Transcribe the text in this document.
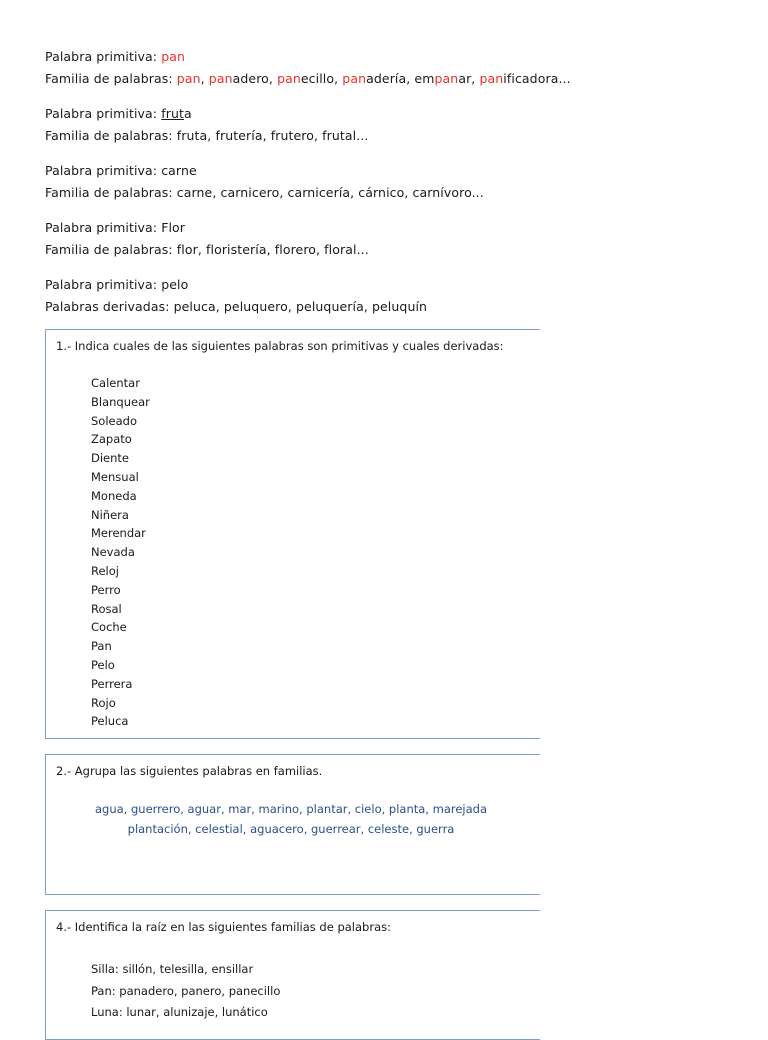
Palabra primitiva: pan
Familia de palabras: pan, panadero, panecillo, panadería, empanar, panificadora...
Palabra primitiva: fruta
Familia de palabras: fruta, frutería, frutero, frutal...
Palabra primitiva: carne
Familia de palabras: carne, carnicero, carnicería, cárnico, carnívoro...
Palabra primitiva: Flor
Familia de palabras: flor, floristería, florero, floral...
Palabra primitiva: pelo
Palabras derivadas: peluca, peluquero, peluquería, peluquín
1.- Indica cuales de las siguientes palabras son primitivas y cuales derivadas:
Calentar
Blanquear
Soleado
Zapato
Diente
Mensual
Moneda
Niñera
Merendar
Nevada
Reloj
Perro
Rosal
Coche
Pan
Pelo
Perrera
Rojo
Peluca
2.- Agrupa las siguientes palabras en familias.
agua, guerrero, aguar, mar, marino, plantar, cielo, planta, marejada
plantación, celestial, aguacero, guerrear, celeste, guerra
4.- Identifica la raíz en las siguientes familias de palabras:
Silla: sillón, telesilla, ensillar
Pan: panadero, panero, panecillo
Luna: lunar, alunizaje, lunático
